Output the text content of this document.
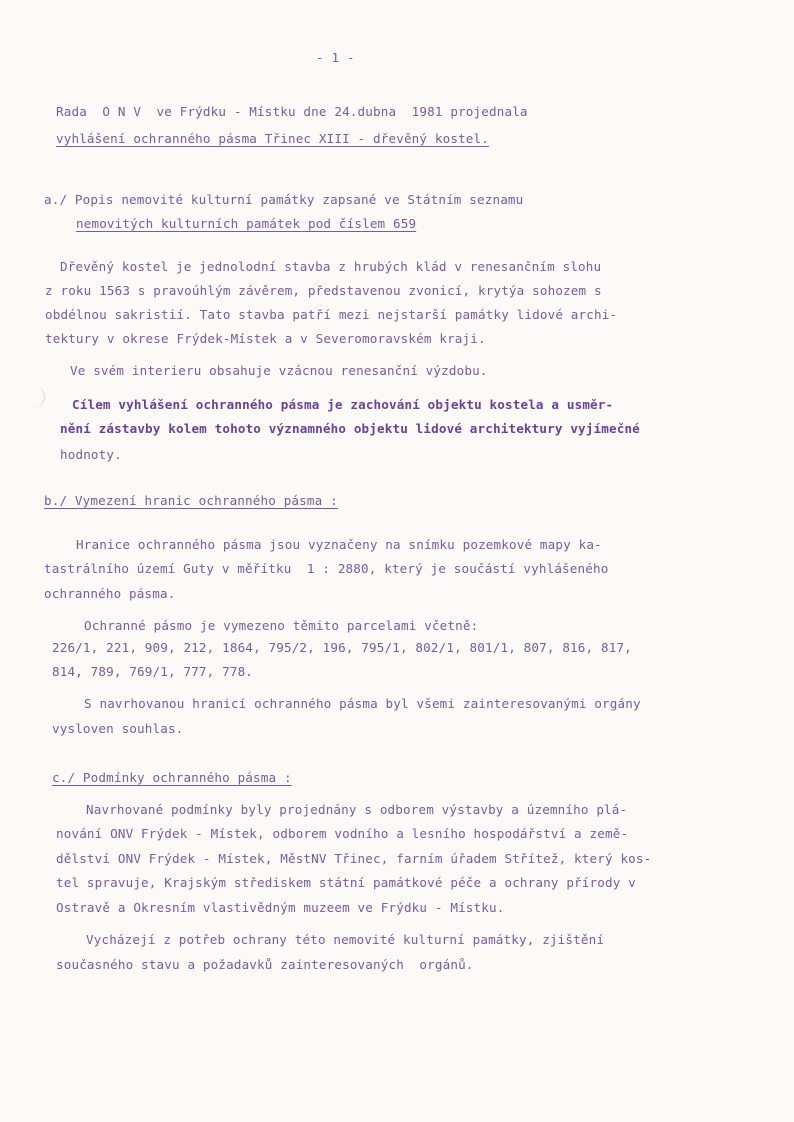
- 1 -
Rada  O N V  ve Frýdku - Místku dne 24.dubna  1981 projednala
vyhlášení ochranného pásma Třinec XIII - dřevěný kostel.
a./ Popis nemovité kulturní památky zapsané ve Státním seznamu
nemovitých kulturních památek pod číslem 659
Dřevěný kostel je jednolodní stavba z hrubých klád v renesančním slohu
z roku 1563 s pravoúhlým závěrem, představenou zvonicí, krytýa sohozem s
obdélnou sakristií. Tato stavba patří mezi nejstarší památky lidové archi-
tektury v okrese Frýdek-Místek a v Severomoravském kraji.
Ve svém interieru obsahuje vzácnou renesanční výzdobu.
Cílem vyhlášení ochranného pásma je zachování objektu kostela a usměr-
nění zástavby kolem tohoto významného objektu lidové architektury vyjímečné
hodnoty.
b./ Vymezení hranic ochranného pásma :
Hranice ochranného pásma jsou vyznačeny na snímku pozemkové mapy ka-
tastrálního území Guty v měřítku  1 : 2880, který je součástí vyhlášeného
ochranného pásma.
Ochranné pásmo je vymezeno těmito parcelami včetně:
226/1, 221, 909, 212, 1864, 795/2, 196, 795/1, 802/1, 801/1, 807, 816, 817,
814, 789, 769/1, 777, 778.
S navrhovanou hranicí ochranného pásma byl všemi zainteresovanými orgány
vysloven souhlas.
c./ Podmínky ochranného pásma :
Navrhované podmínky byly projednány s odborem výstavby a územního plá-
nování ONV Frýdek - Místek, odborem vodního a lesního hospodářství a země-
dělství ONV Frýdek - Místek, MěstNV Třinec, farním úřadem Střítež, který kos-
tel spravuje, Krajským střediskem státní památkové péče a ochrany přírody v
Ostravě a Okresním vlastivědným muzeem ve Frýdku - Místku.
Vycházejí z potřeb ochrany této nemovité kulturní památky, zjištění
současného stavu a požadavků zainteresovaných  orgánů.
